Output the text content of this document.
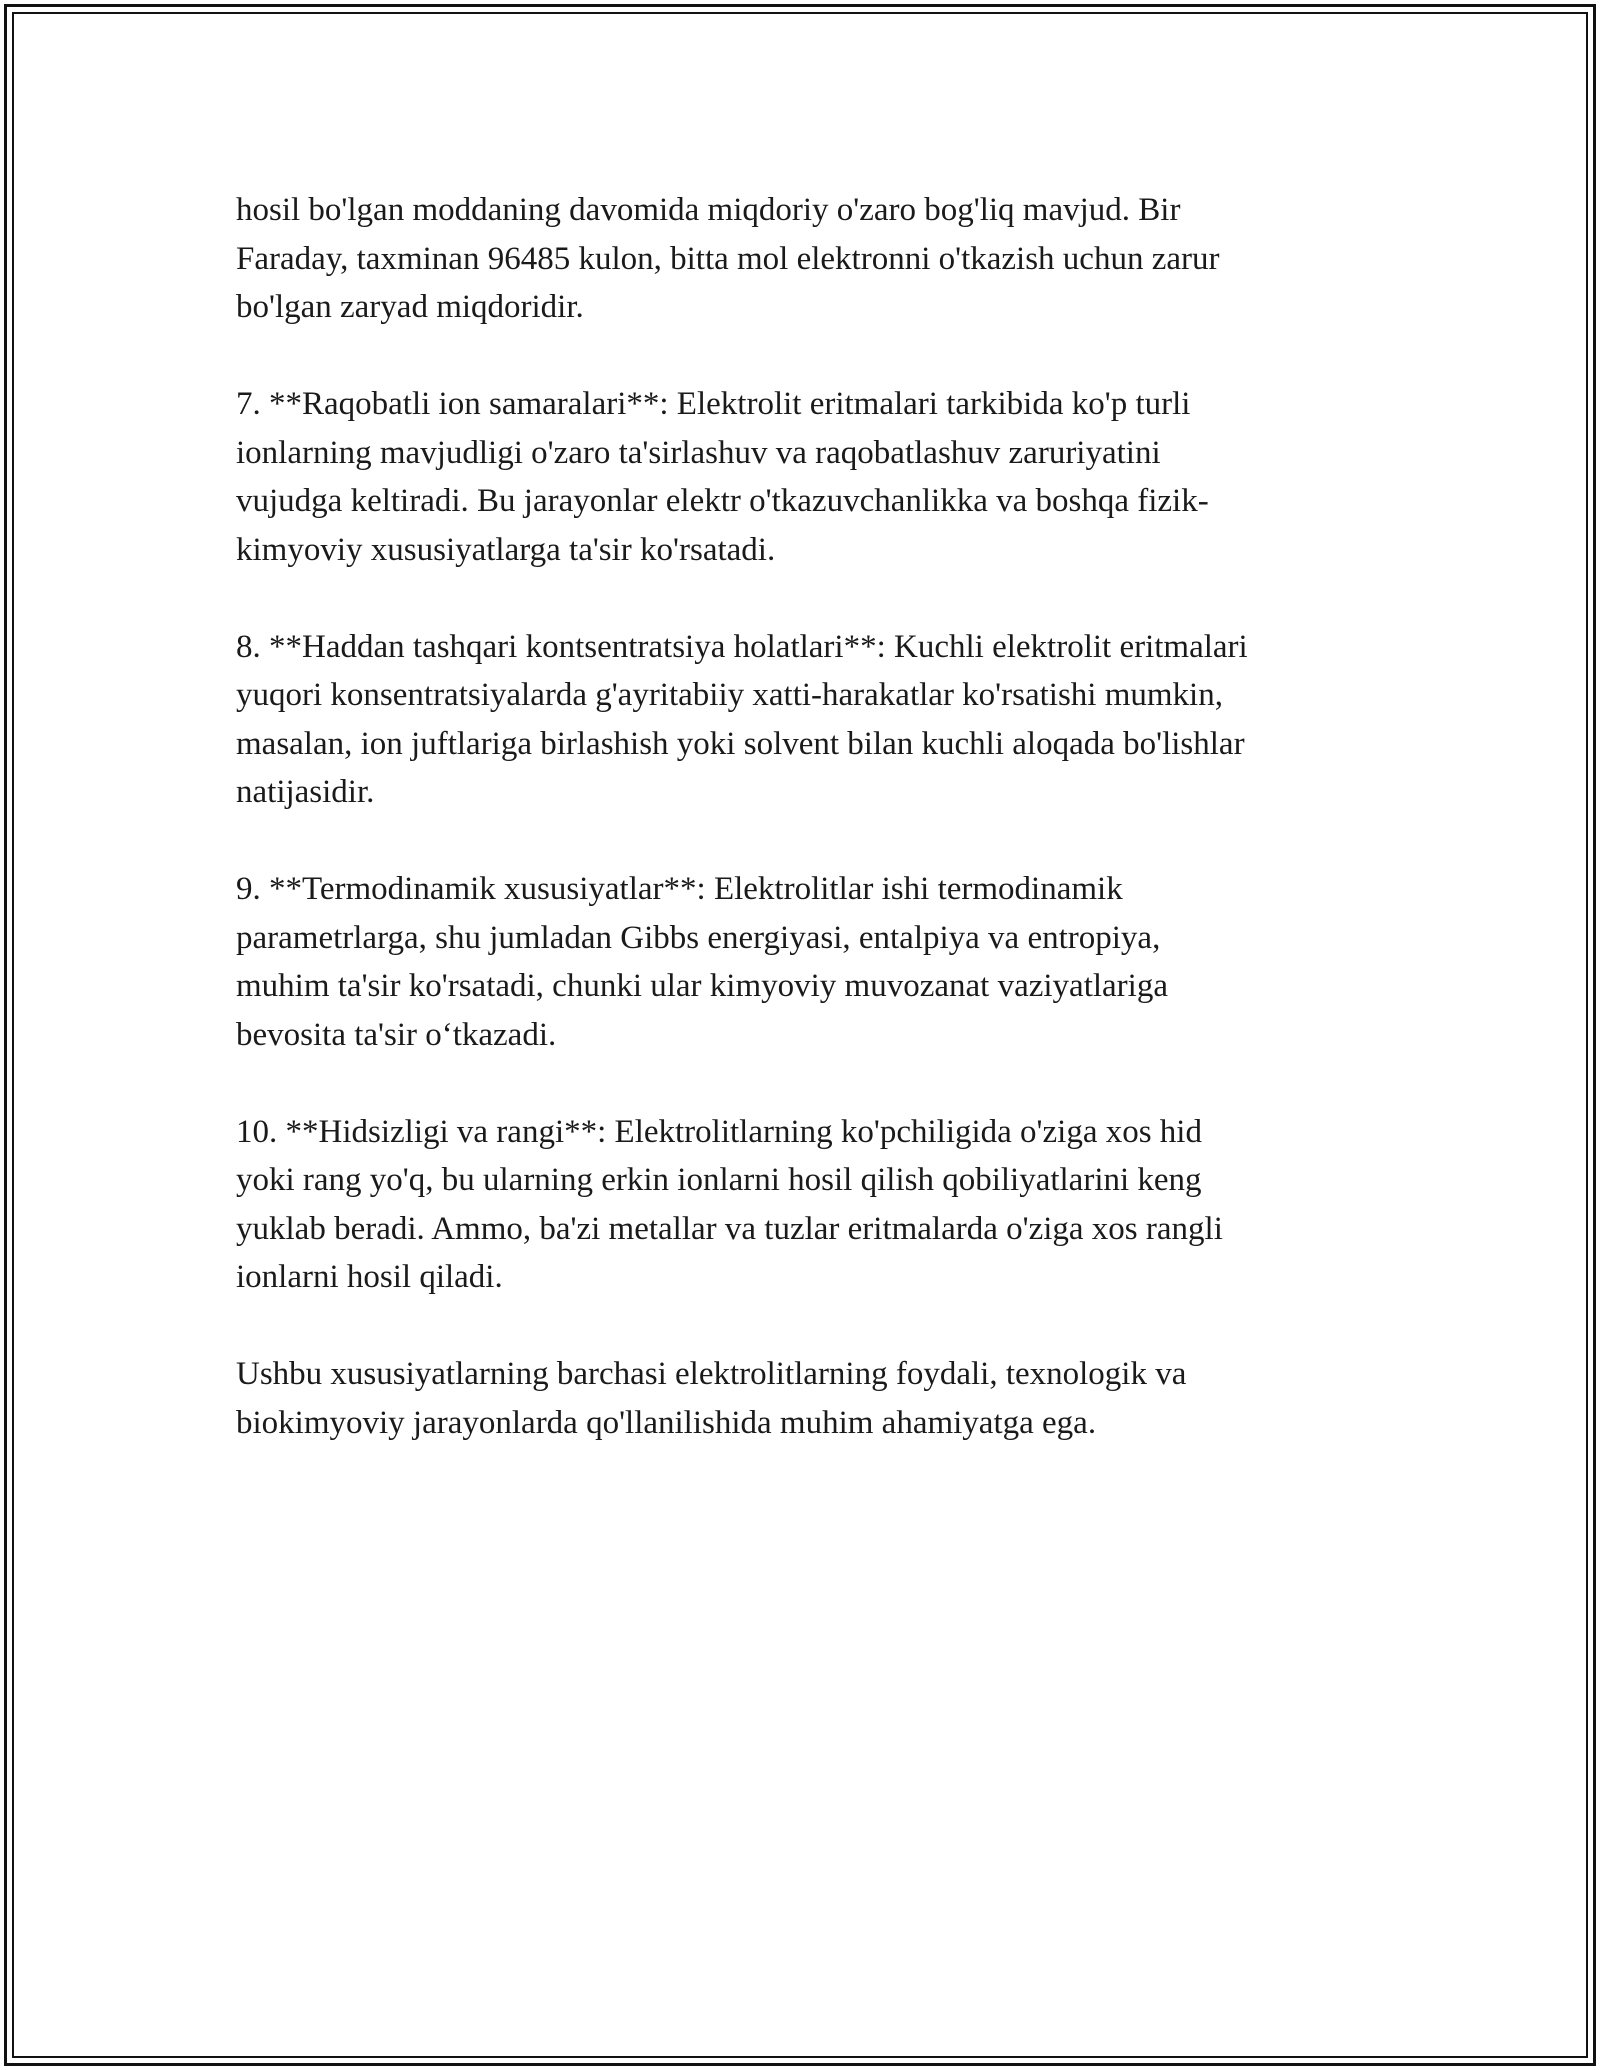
hosil bo'lgan moddaning davomida miqdoriy o'zaro bog'liq mavjud. Bir
Faraday, taxminan 96485 kulon, bitta mol elektronni o'tkazish uchun zarur
bo'lgan zaryad miqdoridir.

7. **Raqobatli ion samaralari**: Elektrolit eritmalari tarkibida ko'p turli
ionlarning mavjudligi o'zaro ta'sirlashuv va raqobatlashuv zaruriyatini
vujudga keltiradi. Bu jarayonlar elektr o'tkazuvchanlikka va boshqa fizik-
kimyoviy xususiyatlarga ta'sir ko'rsatadi.

8. **Haddan tashqari kontsentratsiya holatlari**: Kuchli elektrolit eritmalari
yuqori konsentratsiyalarda g'ayritabiiy xatti-harakatlar ko'rsatishi mumkin,
masalan, ion juftlariga birlashish yoki solvent bilan kuchli aloqada bo'lishlar
natijasidir.

9. **Termodinamik xususiyatlar**: Elektrolitlar ishi termodinamik
parametrlarga, shu jumladan Gibbs energiyasi, entalpiya va entropiya,
muhim ta'sir ko'rsatadi, chunki ular kimyoviy muvozanat vaziyatlariga
bevosita ta'sir o‘tkazadi.

10. **Hidsizligi va rangi**: Elektrolitlarning ko'pchiligida o'ziga xos hid
yoki rang yo'q, bu ularning erkin ionlarni hosil qilish qobiliyatlarini keng
yuklab beradi. Ammo, ba'zi metallar va tuzlar eritmalarda o'ziga xos rangli
ionlarni hosil qiladi.

Ushbu xususiyatlarning barchasi elektrolitlarning foydali, texnologik va
biokimyoviy jarayonlarda qo'llanilishida muhim ahamiyatga ega.
